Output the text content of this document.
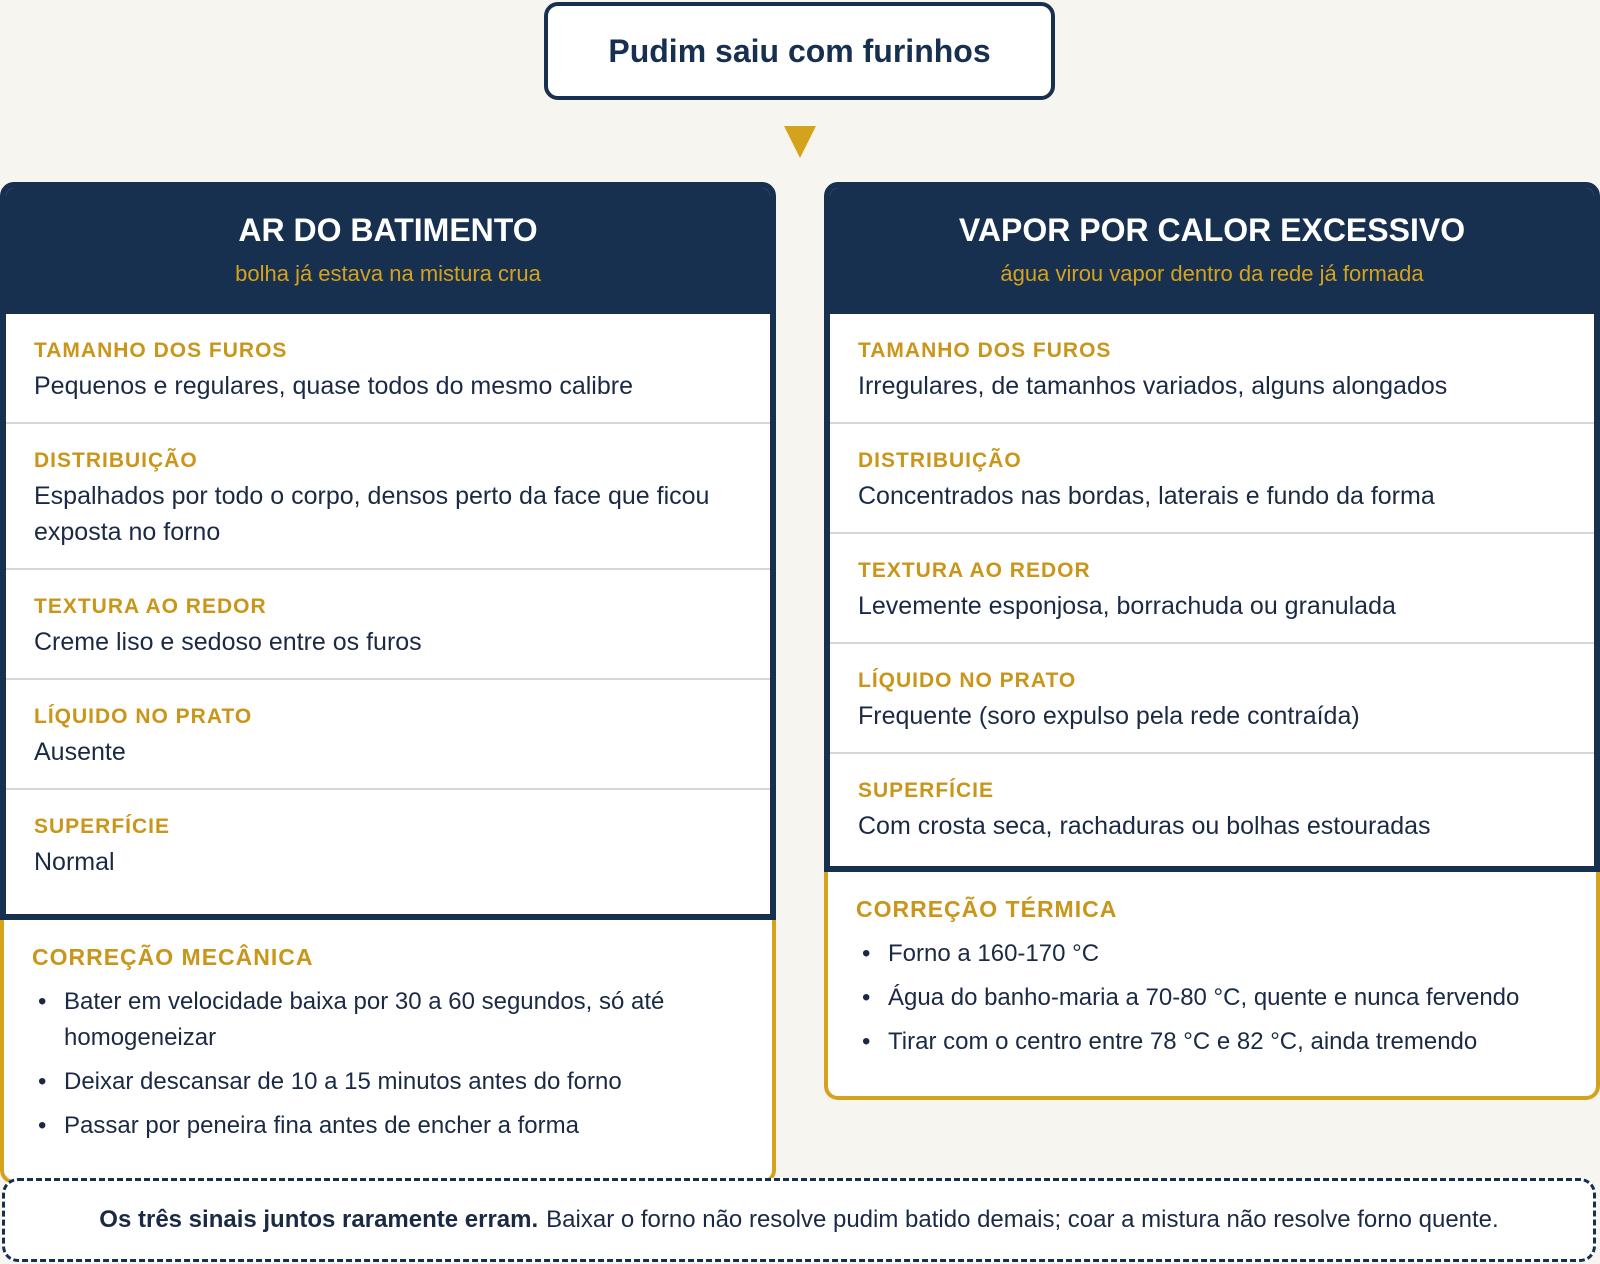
Pudim saiu com furinhos
AR DO BATIMENTO
bolha já estava na mistura crua
TAMANHO DOS FUROS
Pequenos e regulares, quase todos do mesmo calibre
DISTRIBUIÇÃO
Espalhados por todo o corpo, densos perto da face que ficou exposta no forno
TEXTURA AO REDOR
Creme liso e sedoso entre os furos
LÍQUIDO NO PRATO
Ausente
SUPERFÍCIE
Normal
CORREÇÃO MECÂNICA
• Bater em velocidade baixa por 30 a 60 segundos, só até homogeneizar
• Deixar descansar de 10 a 15 minutos antes do forno
• Passar por peneira fina antes de encher a forma
VAPOR POR CALOR EXCESSIVO
água virou vapor dentro da rede já formada
TAMANHO DOS FUROS
Irregulares, de tamanhos variados, alguns alongados
DISTRIBUIÇÃO
Concentrados nas bordas, laterais e fundo da forma
TEXTURA AO REDOR
Levemente esponjosa, borrachuda ou granulada
LÍQUIDO NO PRATO
Frequente (soro expulso pela rede contraída)
SUPERFÍCIE
Com crosta seca, rachaduras ou bolhas estouradas
CORREÇÃO TÉRMICA
• Forno a 160-170 °C
• Água do banho-maria a 70-80 °C, quente e nunca fervendo
• Tirar com o centro entre 78 °C e 82 °C, ainda tremendo
Os três sinais juntos raramente erram. Baixar o forno não resolve pudim batido demais; coar a mistura não resolve forno quente.
